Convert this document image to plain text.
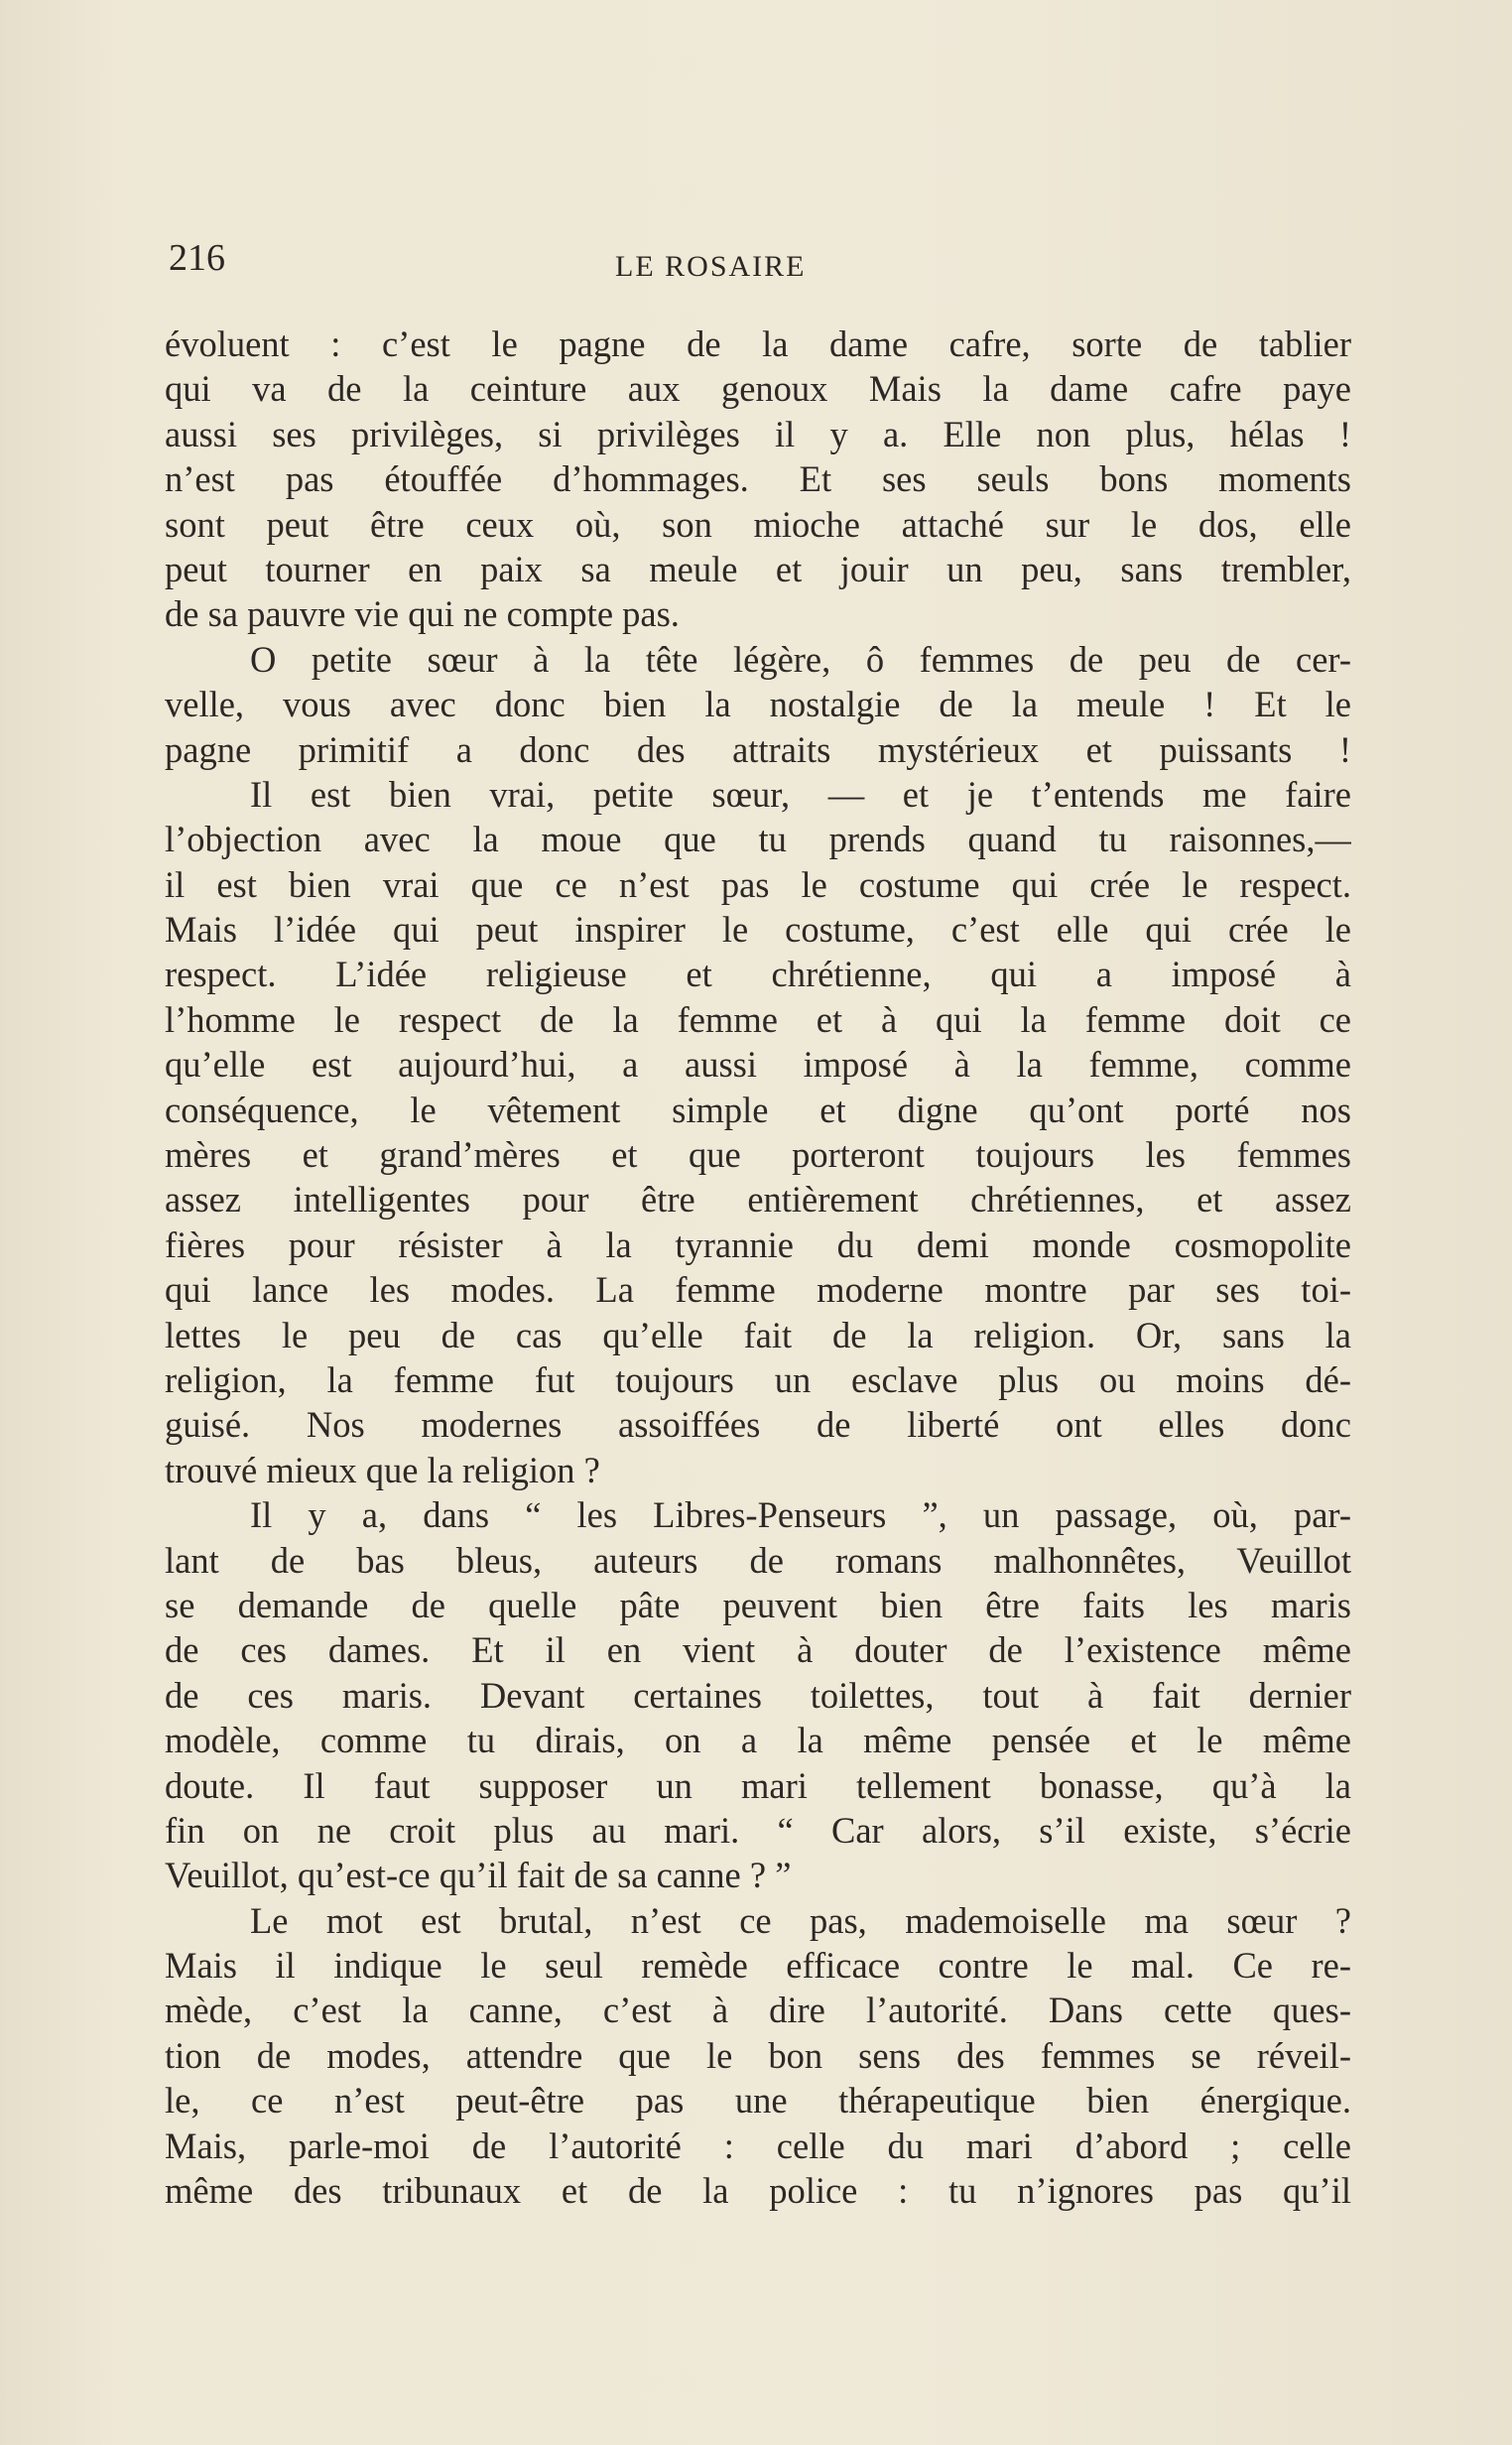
216	LE ROSAIRE
évoluent : c’est le pagne de la dame cafre, sorte de tablier
qui va de la ceinture aux genoux Mais la dame cafre paye
aussi ses privilèges, si privilèges il y a. Elle non plus, hélas !
n’est pas étouffée d’hommages. Et ses seuls bons moments
sont peut être ceux où, son mioche attaché sur le dos, elle
peut tourner en paix sa meule et jouir un peu, sans trembler,
de sa pauvre vie qui ne compte pas.
O petite sœur à la tête légère, ô femmes de peu de cer-
velle, vous avec donc bien la nostalgie de la meule ! Et le
pagne primitif a donc des attraits mystérieux et puissants !
Il est bien vrai, petite sœur, — et je t’entends me faire
l’objection avec la moue que tu prends quand tu raisonnes,—
il est bien vrai que ce n’est pas le costume qui crée le respect.
Mais l’idée qui peut inspirer le costume, c’est elle qui crée le
respect. L’idée religieuse et chrétienne, qui a imposé à
l’homme le respect de la femme et à qui la femme doit ce
qu’elle est aujourd’hui, a aussi imposé à la femme, comme
conséquence, le vêtement simple et digne qu’ont porté nos
mères et grand’mères et que porteront toujours les femmes
assez intelligentes pour être entièrement chrétiennes, et assez
fières pour résister à la tyrannie du demi monde cosmopolite
qui lance les modes. La femme moderne montre par ses toi-
lettes le peu de cas qu’elle fait de la religion. Or, sans la
religion, la femme fut toujours un esclave plus ou moins dé-
guisé. Nos modernes assoiffées de liberté ont elles donc
trouvé mieux que la religion ?
Il y a, dans “ les Libres-Penseurs ”, un passage, où, par-
lant de bas bleus, auteurs de romans malhonnêtes, Veuillot
se demande de quelle pâte peuvent bien être faits les maris
de ces dames. Et il en vient à douter de l’existence même
de ces maris. Devant certaines toilettes, tout à fait dernier
modèle, comme tu dirais, on a la même pensée et le même
doute. Il faut supposer un mari tellement bonasse, qu’à la
fin on ne croit plus au mari. “ Car alors, s’il existe, s’écrie
Veuillot, qu’est-ce qu’il fait de sa canne ? ”
Le mot est brutal, n’est ce pas, mademoiselle ma sœur ?
Mais il indique le seul remède efficace contre le mal. Ce re-
mède, c’est la canne, c’est à dire l’autorité. Dans cette ques-
tion de modes, attendre que le bon sens des femmes se réveil-
le, ce n’est peut-être pas une thérapeutique bien énergique.
Mais, parle-moi de l’autorité : celle du mari d’abord ; celle
même des tribunaux et de la police : tu n’ignores pas qu’il
